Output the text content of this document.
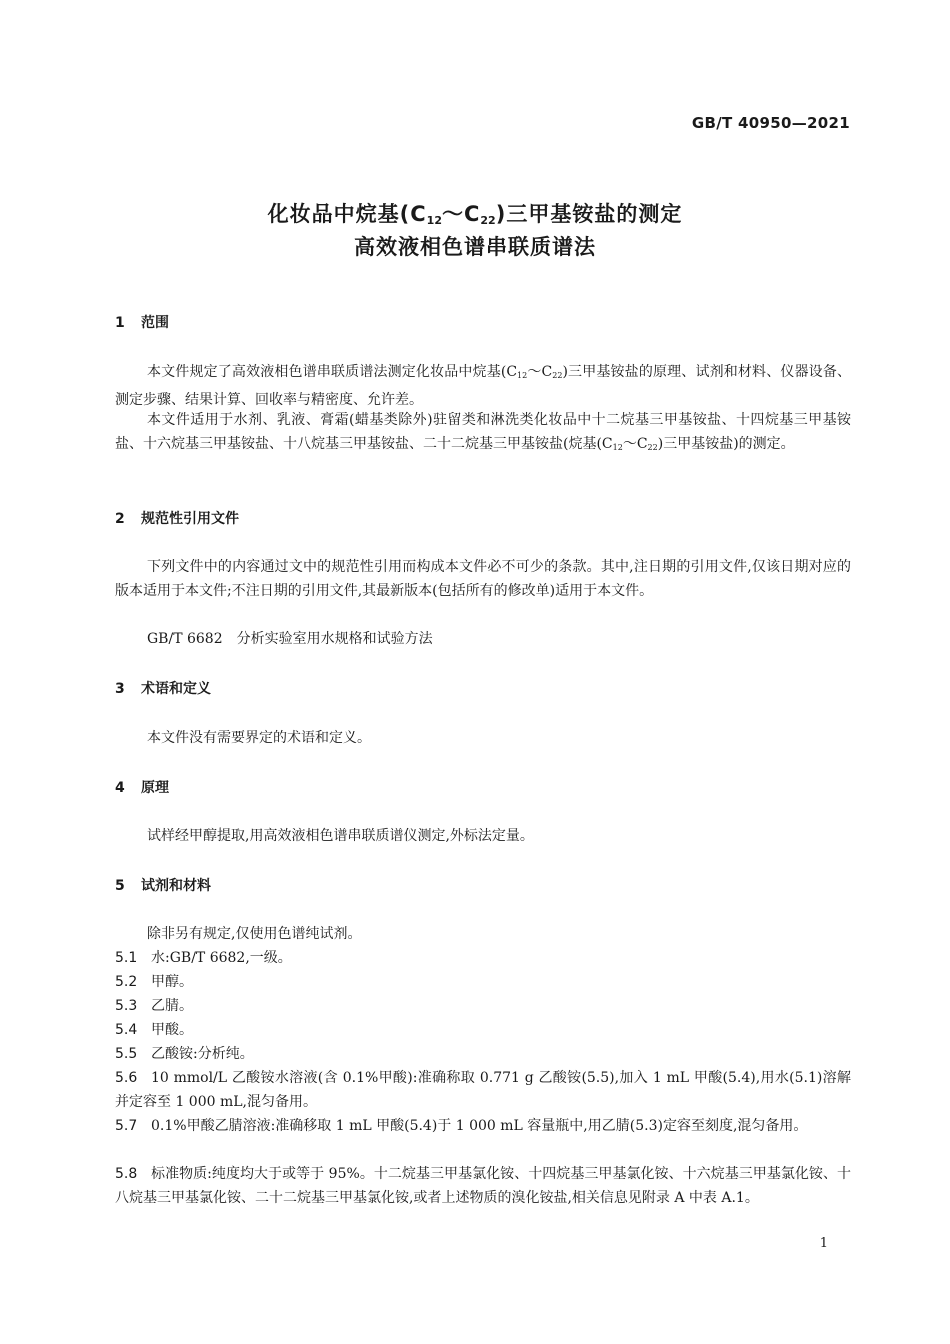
GB/T 40950—2021
化妆品中烷基$(C_{12}\sim C_{22})$三甲基铵盐的测定
高效液相色谱串联质谱法
1 范围
本文件规定了高效液相色谱串联质谱法测定化妆品中烷基$(C_{12}\sim C_{22})$三甲基铵盐的原理、试剂和材料、仪器设备、测定步骤、结果计算、回收率与精密度、允许差。
本文件适用于水剂、乳液、膏霜(蜡基类除外)驻留类和淋洗类化妆品中十二烷基三甲基铵盐、十四烷基三甲基铵盐、十六烷基三甲基铵盐、十八烷基三甲基铵盐、二十二烷基三甲基铵盐(烷基$(C_{12}\sim C_{22})$三甲基铵盐)的测定。
2 规范性引用文件
下列文件中的内容通过文中的规范性引用而构成本文件必不可少的条款。其中,注日期的引用文件,仅该日期对应的版本适用于本文件;不注日期的引用文件,其最新版本(包括所有的修改单)适用于本文件。
GB/T 6682　分析实验室用水规格和试验方法
3 术语和定义
本文件没有需要界定的术语和定义。
4 原理
试样经甲醇提取,用高效液相色谱串联质谱仪测定,外标法定量。
5 试剂和材料
除非另有规定,仅使用色谱纯试剂。
5.1 水:GB/T 6682,一级。
5.2 甲醇。
5.3 乙腈。
5.4 甲酸。
5.5 乙酸铵:分析纯。
5.6 10 mmol/L 乙酸铵水溶液(含 0.1%甲酸):准确称取 0.771 g 乙酸铵(5.5),加入 1 mL 甲酸(5.4),用水(5.1)溶解并定容至 1 000 mL,混匀备用。
5.7 0.1%甲酸乙腈溶液:准确移取 1 mL 甲酸(5.4)于 1 000 mL 容量瓶中,用乙腈(5.3)定容至刻度,混匀备用。
5.8 标准物质:纯度均大于或等于 95%。十二烷基三甲基氯化铵、十四烷基三甲基氯化铵、十六烷基三甲基氯化铵、十八烷基三甲基氯化铵、二十二烷基三甲基氯化铵,或者上述物质的溴化铵盐,相关信息见附录 A 中表 A.1。
1
